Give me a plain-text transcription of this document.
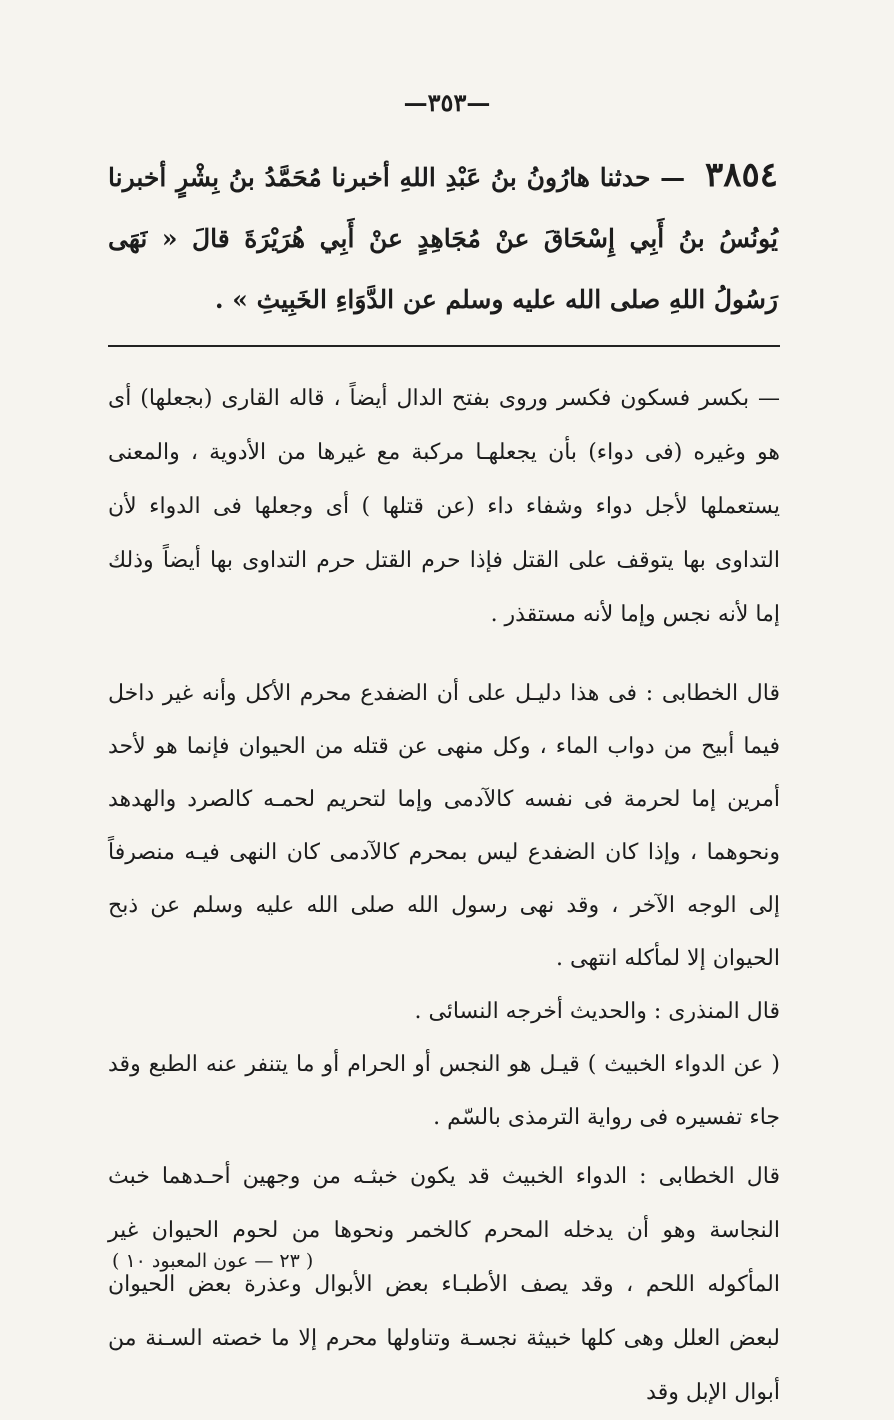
—٣٥٣—
٣٨٥٤ — حدثنا هارُونُ بنُ عَبْدِ اللهِ أخبرنا مُحَمَّدُ بنُ بِشْرٍ أخبرنا يُونُسُ بنُ أَبِي إِسْحَاقَ عنْ مُجَاهِدٍ عنْ أَبِي هُرَيْرَةَ قالَ « نَهَى رَسُولُ اللهِ صلى الله عليه وسلم عن الدَّوَاءِ الخَبِيثِ » .

— بكسر فسكون فكسر وروى بفتح الدال أيضاً ، قاله القارى (بجعلها) أى هو وغيره (فى دواء) بأن يجعلهـا مركبة مع غيرها من الأدوية ، والمعنى يستعملها لأجل دواء وشفاء داء (عن قتلها ) أى وجعلها فى الدواء لأن التداوى بها يتوقف على القتل فإذا حرم القتل حرم التداوى بها أيضاً وذلك إما لأنه نجس وإما لأنه مستقذر .

قال الخطابى : فى هذا دليـل على أن الضفدع محرم الأكل وأنه غير داخل فيما أبيح من دواب الماء ، وكل منهى عن قتله من الحيوان فإنما هو لأحد أمرين إما لحرمة فى نفسه كالآدمى وإما لتحريم لحمـه كالصرد والهدهد ونحوهما ، وإذا كان الضفدع ليس بمحرم كالآدمى كان النهى فيـه منصرفاً إلى الوجه الآخر ، وقد نهى رسول الله صلى الله عليه وسلم عن ذبح الحيوان إلا لمأكله انتهى .

قال المنذرى : والحديث أخرجه النسائى .

( عن الدواء الخبيث ) قيـل هو النجس أو الحرام أو ما يتنفر عنه الطبع وقد جاء تفسيره فى رواية الترمذى بالسّم .

قال الخطابى : الدواء الخبيث قد يكون خبثـه من وجهين أحـدهما خبث النجاسة وهو أن يدخله المحرم كالخمر ونحوها من لحوم الحيوان غير المأكوله اللحم ، وقد يصف الأطبـاء بعض الأبوال وعذرة بعض الحيوان لبعض العلل وهى كلها خبيثة نجسـة وتناولها محرم إلا ما خصته السـنة من أبوال الإبل وقد

( ٢٣ — عون المعبود ١٠ )
